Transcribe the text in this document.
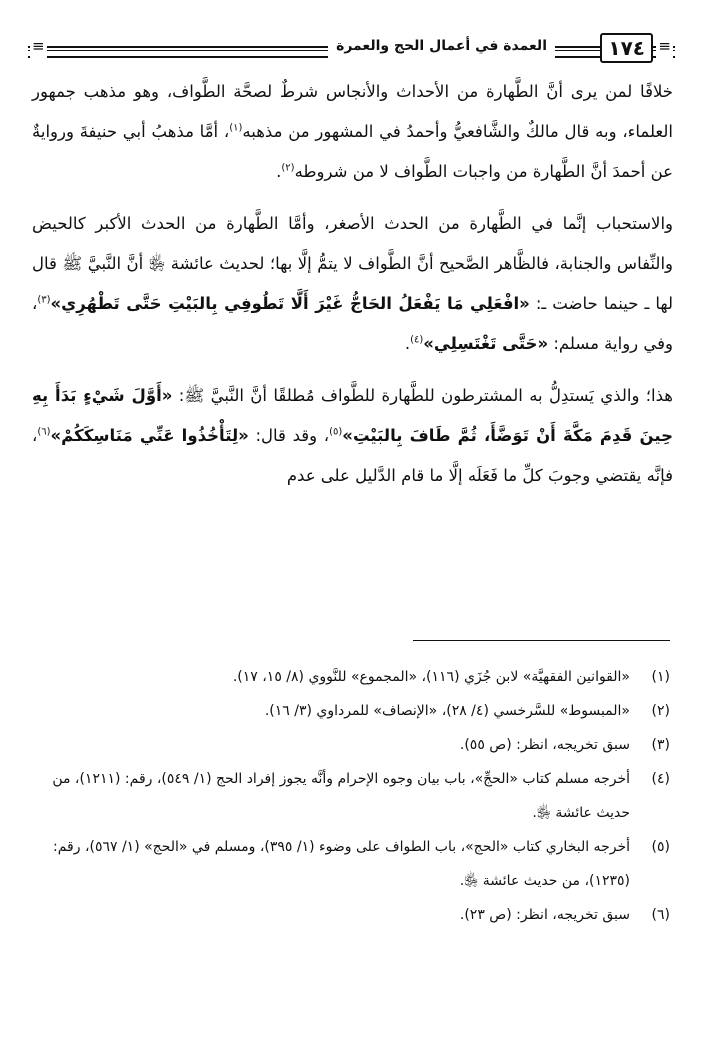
≡
١٧٤
العمدة في أعمال الحج والعمرة
≡

خلافًا لمن يرى أنَّ الطَّهارة من الأحداث والأنجاس شرطٌ لصحَّة الطَّواف، وهو مذهب جمهور العلماء، وبه قال مالكٌ والشَّافعيُّ وأحمدُ في المشهور من مذهبه$^{(١)}$، أمَّا مذهبُ أبي حنيفةَ وروايةٌ عن أحمدَ أنَّ الطَّهارة من واجبات الطَّواف لا من شروطه$^{(٢)}$.

والاستحباب إنَّما في الطَّهارة من الحدث الأصغر، وأمَّا الطَّهارة من الحدث الأكبر كالحيض والنِّفاس والجنابة، فالظَّاهر الصَّحيح أنَّ الطَّواف لا يتمُّ إلَّا بها؛ لحديث عائشة ﵂ أنَّ النَّبيَّ ﷺ قال لها ـ حينما حاضت ـ: «افْعَلِي مَا يَفْعَلُ الحَاجُّ غَيْرَ أَلَّا تَطُوفِي بِالبَيْتِ حَتَّى تَطْهُرِي»$^{(٣)}$، وفي رواية مسلم: «حَتَّى تَغْتَسِلِي»$^{(٤)}$.

هذا؛ والذي يَستدِلُّ به المشترطون للطَّهارة للطَّواف مُطلقًا أنَّ النَّبيَّ ﷺ: «أَوَّلَ شَيْءٍ بَدَأَ بِهِ حِينَ قَدِمَ مَكَّةَ أَنْ تَوَضَّأَ، ثُمَّ طَافَ بِالبَيْتِ»$^{(٥)}$، وقد قال: «لِتَأْخُذُوا عَنِّي مَنَاسِكَكُمْ»$^{(٦)}$، فإنَّه يقتضي وجوبَ كلِّ ما فَعَلَه إلَّا ما قام الدَّليل على عدم

(١)
«القوانين الفقهيَّة» لابن جُزَي (١١٦)، «المجموع» للنَّووي (٨/ ١٥، ١٧).
(٢)
«المبسوط» للسَّرخسي (٤/ ٢٨)، «الإنصاف» للمرداوي (٣/ ١٦).
(٣)
سبق تخريجه، انظر: (ص ٥٥).
(٤)
أخرجه مسلم كتاب «الحجِّ»، باب بيان وجوه الإحرام وأنَّه يجوز إفراد الحج (١/ ٥٤٩)، رقم: (١٢١١)، من حديث عائشة ﵂.
(٥)
أخرجه البخاري كتاب «الحج»، باب الطواف على وضوء (١/ ٣٩٥)، ومسلم في «الحج» (١/ ٥٦٧)، رقم: (١٢٣٥)، من حديث عائشة ﵂.
(٦)
سبق تخريجه، انظر: (ص ٢٣).
